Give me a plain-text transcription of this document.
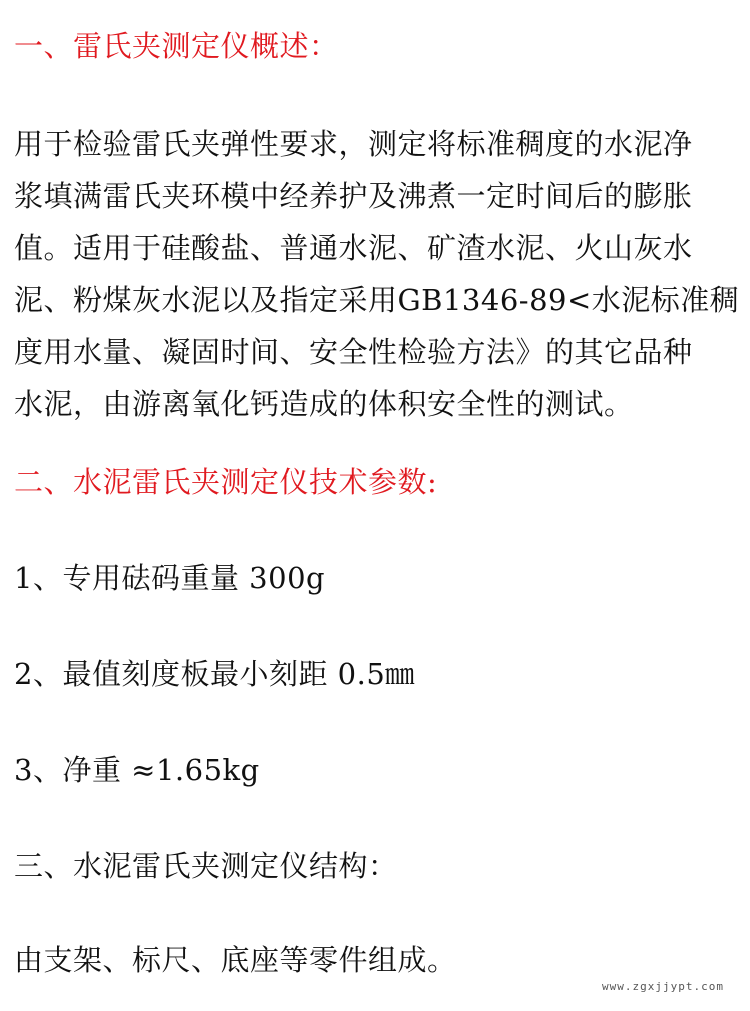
一、雷氏夹测定仪概述：
用于检验雷氏夹弹性要求，测定将标准稠度的水泥净
浆填满雷氏夹环模中经养护及沸煮一定时间后的膨胀
值。适用于硅酸盐、普通水泥、矿渣水泥、火山灰水
泥、粉煤灰水泥以及指定采用GB1346-89<水泥标准稠
度用水量、凝固时间、安全性检验方法》的其它品种
水泥，由游离氧化钙造成的体积安全性的测试。
二、水泥雷氏夹测定仪技术参数:
1、专用砝码重量 300g
2、最值刻度板最小刻距 0.5㎜
3、净重 ≈1.65kg
三、水泥雷氏夹测定仪结构：
由支架、标尺、底座等零件组成。
www.zgxjjypt.com
